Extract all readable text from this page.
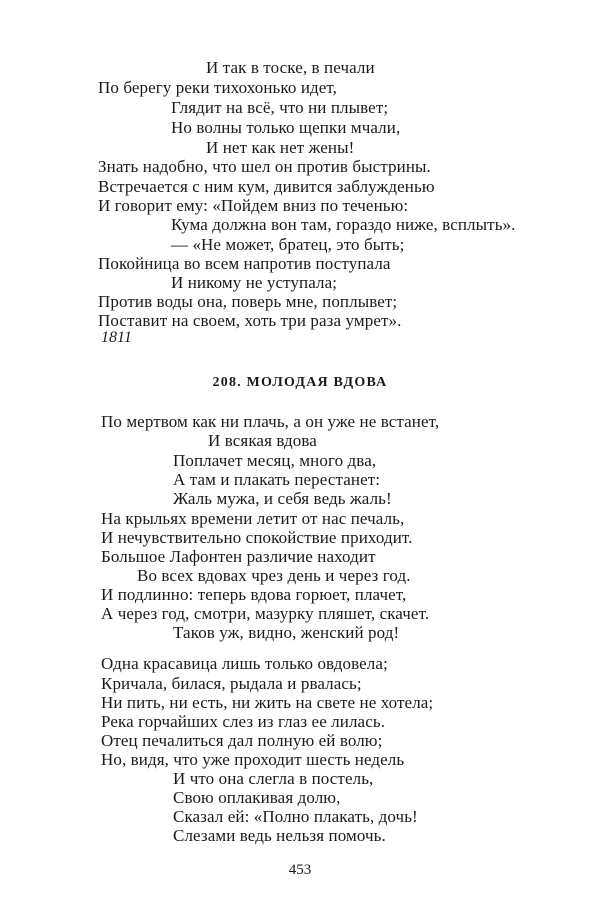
И так в тоске, в печали
По берегу реки тихохонько идет,
Глядит на всё, что ни плывет;
Но волны только щепки мчали,
И нет как нет жены!
Знать надобно, что шел он против быстрины.
Встречается с ним кум, дивится заблужденью
И говорит ему: «Пойдем вниз по теченью:
Кума должна вон там, гораздо ниже, всплыть».
— «Не может, братец, это быть;
Покойница во всем напротив поступала
И никому не уступала;
Против воды она, поверь мне, поплывет;
Поставит на своем, хоть три раза умрет».
1811
208. МОЛОДАЯ ВДОВА
По мертвом как ни плачь, а он уже не встанет,
И всякая вдова
Поплачет месяц, много два,
А там и плакать перестанет:
Жаль мужа, и себя ведь жаль!
На крыльях времени летит от нас печаль,
И нечувствительно спокойствие приходит.
Большое Лафонтен различие находит
Во всех вдовах чрез день и через год.
И подлинно: теперь вдова горюет, плачет,
А через год, смотри, мазурку пляшет, скачет.
Таков уж, видно, женский род!
Одна красавица лишь только овдовела;
Кричала, билася, рыдала и рвалась;
Ни пить, ни есть, ни жить на свете не хотела;
Река горчайших слез из глаз ее лилась.
Отец печалиться дал полную ей волю;
Но, видя, что уже проходит шесть недель
И что она слегла в постель,
Свою оплакивая долю,
Сказал ей: «Полно плакать, дочь!
Слезами ведь нельзя помочь.
453
